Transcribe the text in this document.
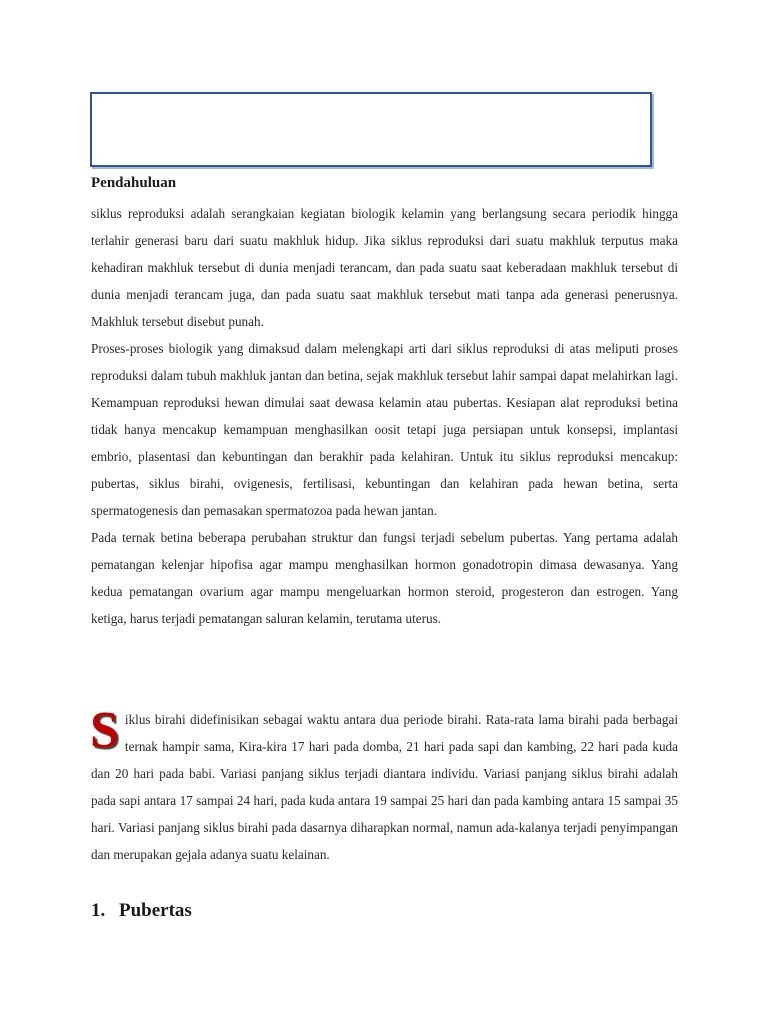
Pendahuluan

siklus reproduksi adalah serangkaian kegiatan biologik kelamin yang berlangsung secara periodik hingga terlahir generasi baru dari suatu makhluk hidup. Jika siklus reproduksi dari suatu makhluk terputus maka kehadiran makhluk tersebut di dunia menjadi terancam, dan pada suatu saat keberadaan makhluk tersebut di dunia menjadi terancam juga, dan pada suatu saat makhluk tersebut mati tanpa ada generasi penerusnya. Makhluk tersebut disebut punah.

Proses-proses biologik yang dimaksud dalam melengkapi arti dari siklus reproduksi di atas meliputi proses reproduksi dalam tubuh makhluk jantan dan betina, sejak makhluk tersebut lahir sampai dapat melahirkan lagi. Kemampuan reproduksi hewan dimulai saat dewasa kelamin atau pubertas. Kesiapan alat reproduksi betina tidak hanya mencakup kemampuan menghasilkan oosit tetapi juga persiapan untuk konsepsi, implantasi embrio, plasentasi dan kebuntingan dan berakhir pada kelahiran. Untuk itu siklus reproduksi mencakup: pubertas, siklus birahi, ovigenesis, fertilisasi, kebuntingan dan kelahiran pada hewan betina, serta spermatogenesis dan pemasakan spermatozoa pada hewan jantan.

Pada ternak betina beberapa perubahan struktur dan fungsi terjadi sebelum pubertas. Yang pertama adalah pematangan kelenjar hipofisa agar mampu menghasilkan hormon gonadotropin dimasa dewasanya. Yang kedua pematangan ovarium agar mampu mengeluarkan hormon steroid, progesteron dan estrogen. Yang ketiga, harus terjadi pematangan saluran kelamin, terutama uterus.

S iklus birahi didefinisikan sebagai waktu antara dua periode birahi. Rata-rata lama birahi pada berbagai ternak hampir sama, Kira-kira 17 hari pada domba, 21 hari pada sapi dan kambing, 22 hari pada kuda dan 20 hari pada babi. Variasi panjang siklus terjadi diantara individu. Variasi panjang siklus birahi adalah pada sapi antara 17 sampai 24 hari, pada kuda antara 19 sampai 25 hari dan pada kambing antara 15 sampai 35 hari. Variasi panjang siklus birahi pada dasarnya diharapkan normal, namun ada-kalanya terjadi penyimpangan dan merupakan gejala adanya suatu kelainan.

1. Pubertas
